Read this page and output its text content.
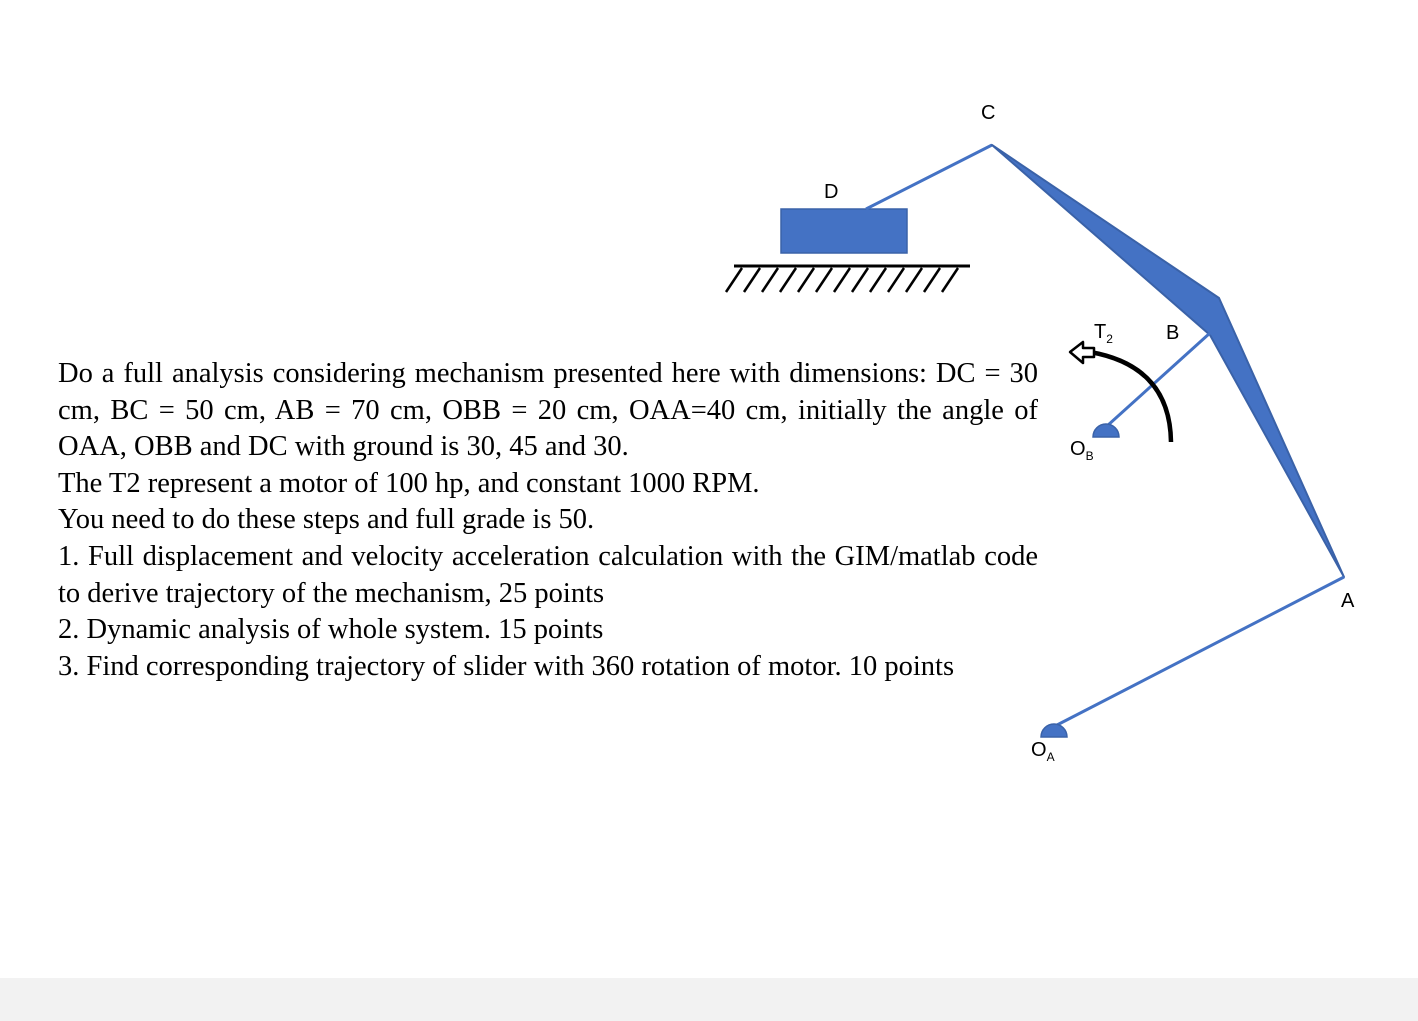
C
D
B
A
$T_2$
$O_B$
$O_A$

Do a full analysis considering mechanism presented here with dimensions: DC = 30 cm, BC = 50 cm, AB = 70 cm, OBB = 20 cm, OAA=40 cm, initially the angle of OAA, OBB and DC with ground is 30, 45 and 30.

The T2 represent a motor of 100 hp, and constant 1000 RPM.

You need to do these steps and full grade is 50.

1. Full displacement and velocity acceleration calculation with the GIM/matlab code to derive trajectory of the mechanism, 25 points

2. Dynamic analysis of whole system. 15 points

3. Find corresponding trajectory of slider with 360 rotation of motor. 10 points
